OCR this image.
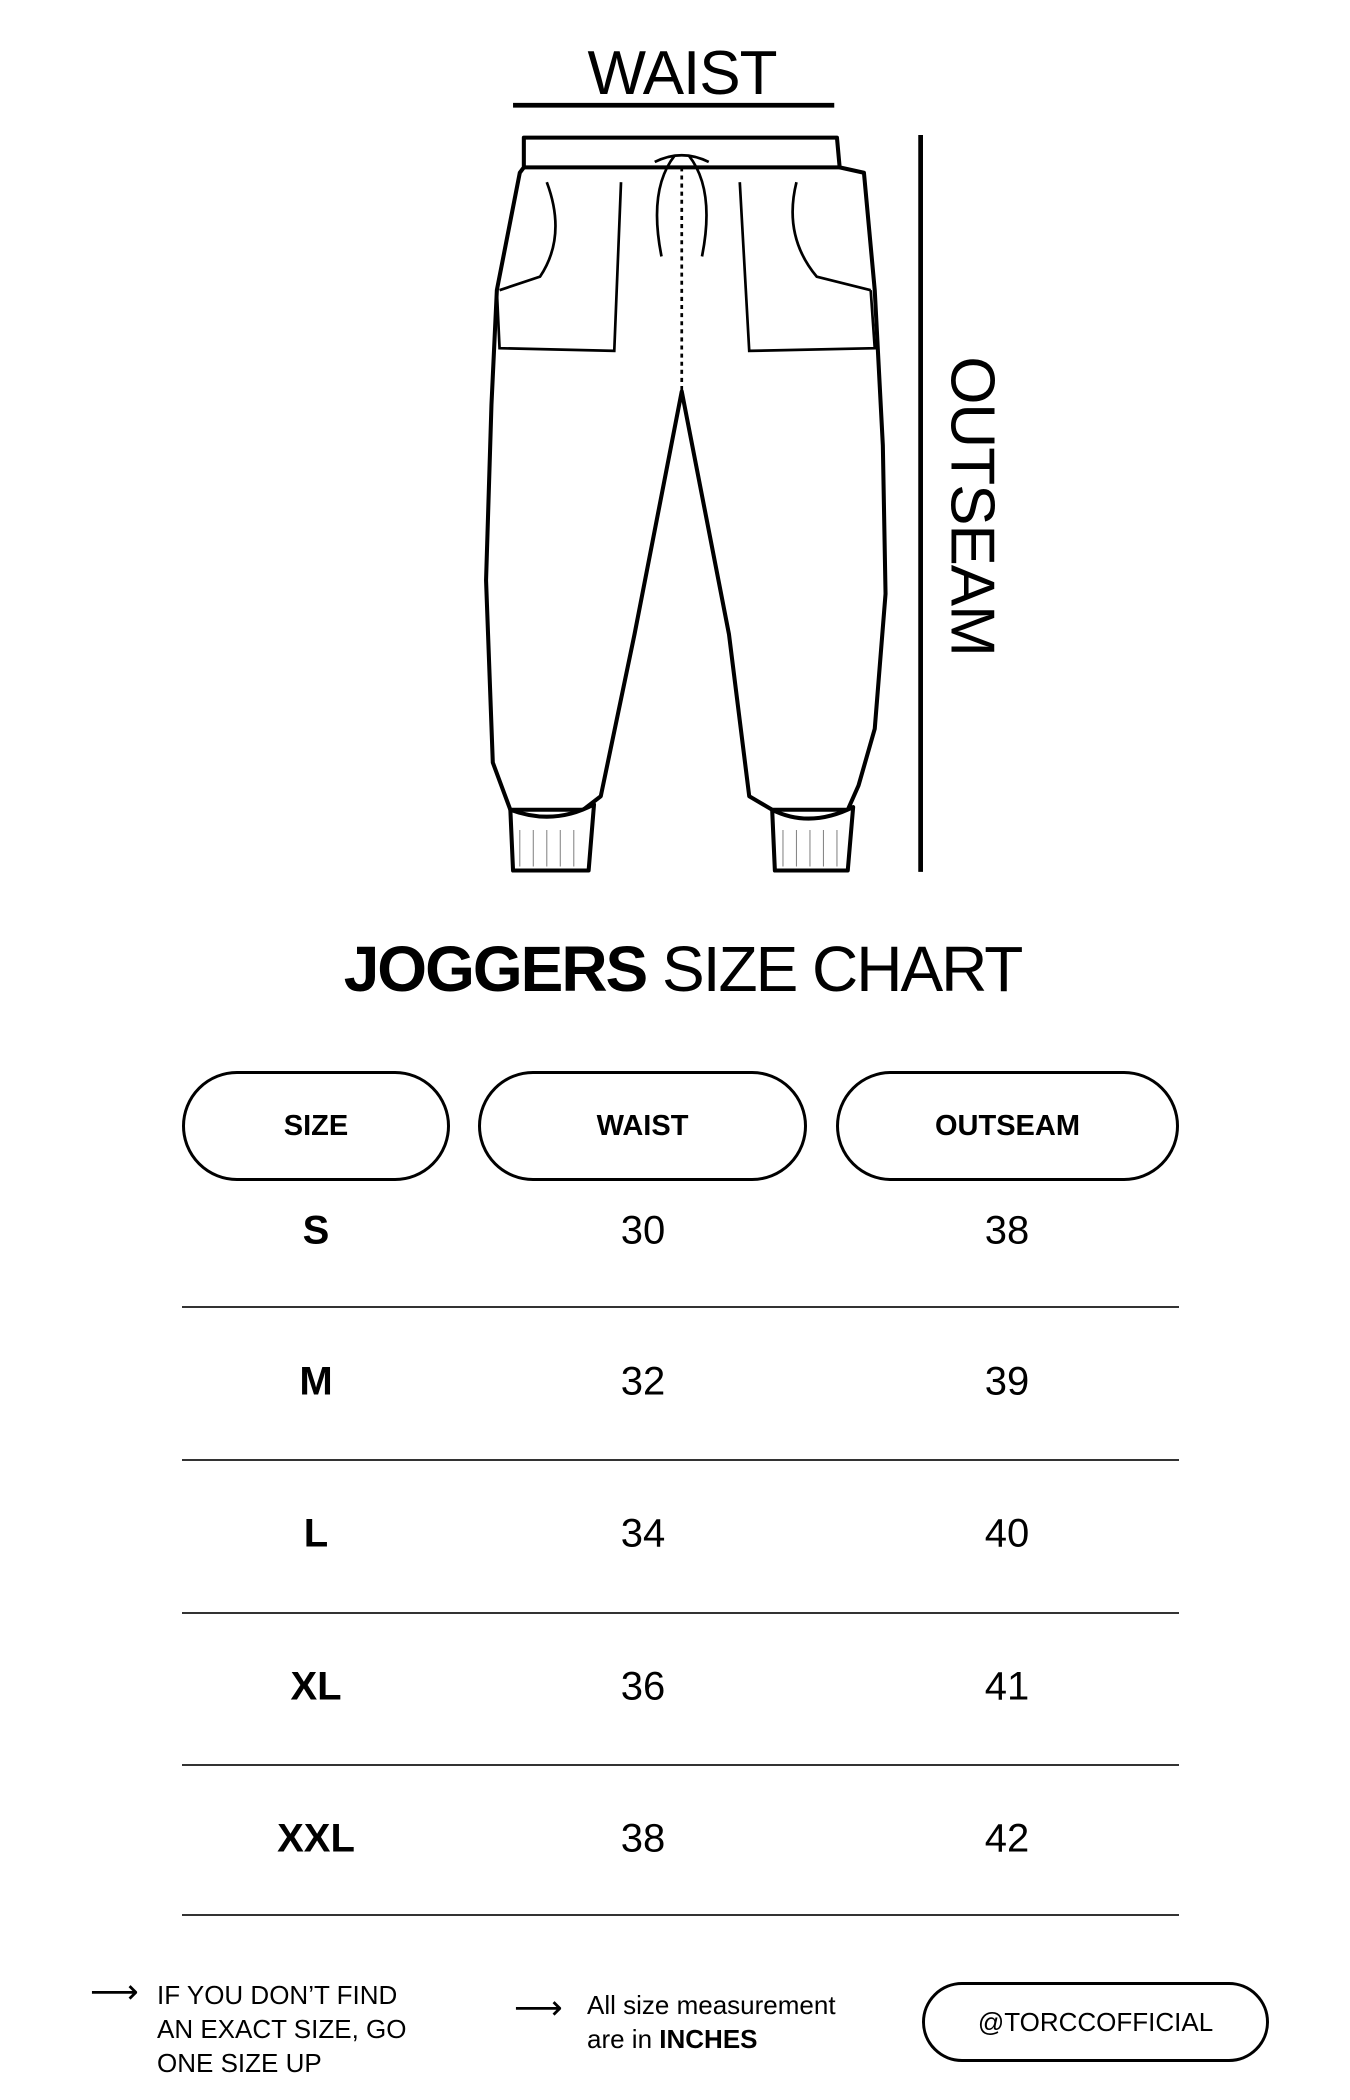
WAIST
OUTSEAM
JOGGERS SIZE CHART
SIZE	WAIST	OUTSEAM
S	30	38
M	32	39
L	34	40
XL	36	41
XXL	38	42
⟶ IF YOU DON’T FIND
AN EXACT SIZE, GO
ONE SIZE UP
⟶ All size measurement
are in INCHES
@TORCCOFFICIAL
